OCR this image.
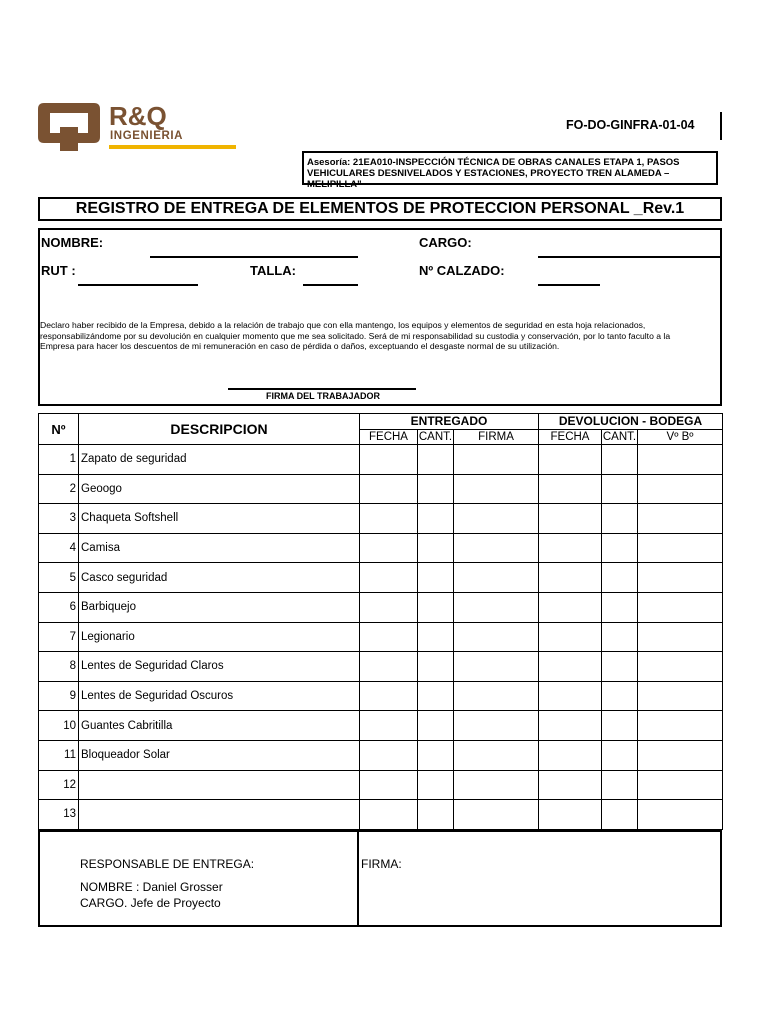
R&Q
INGENIERIA
FO-DO-GINFRA-01-04
Asesoría: 21EA010-INSPECCIÓN TÉCNICA DE OBRAS CANALES ETAPA 1, PASOS
VEHICULARES DESNIVELADOS Y ESTACIONES, PROYECTO TREN ALAMEDA – MELIPILLA"
REGISTRO DE ENTREGA DE ELEMENTOS DE PROTECCION PERSONAL _Rev.1
NOMBRE:	CARGO:
RUT :	TALLA:	Nº CALZADO:
Declaro haber recibido de la Empresa, debido a la relación de trabajo que con ella mantengo, los equipos y elementos de seguridad en esta hoja relacionados,
responsabilizándome por su devolución en cualquier momento que me sea solicitado. Será de mi responsabilidad su custodia y conservación, por lo tanto faculto a la
Empresa para hacer los descuentos de mi remuneración en caso de pérdida o daños, exceptuando el desgaste normal de su utilización.
FIRMA DEL TRABAJADOR
Nº	DESCRIPCION	ENTREGADO			DEVOLUCION - BODEGA		
		FECHA	CANT.	FIRMA	FECHA	CANT.	Vº Bº
1	Zapato de seguridad						
2	Geoogo						
3	Chaqueta Softshell						
4	Camisa						
5	Casco seguridad						
6	Barbiquejo						
7	Legionario						
8	Lentes de Seguridad Claros						
9	Lentes de Seguridad Oscuros						
10	Guantes Cabritilla						
11	Bloqueador Solar						
12							
13							
RESPONSABLE DE ENTREGA:
NOMBRE : Daniel Grosser
CARGO. Jefe de Proyecto
FIRMA:
